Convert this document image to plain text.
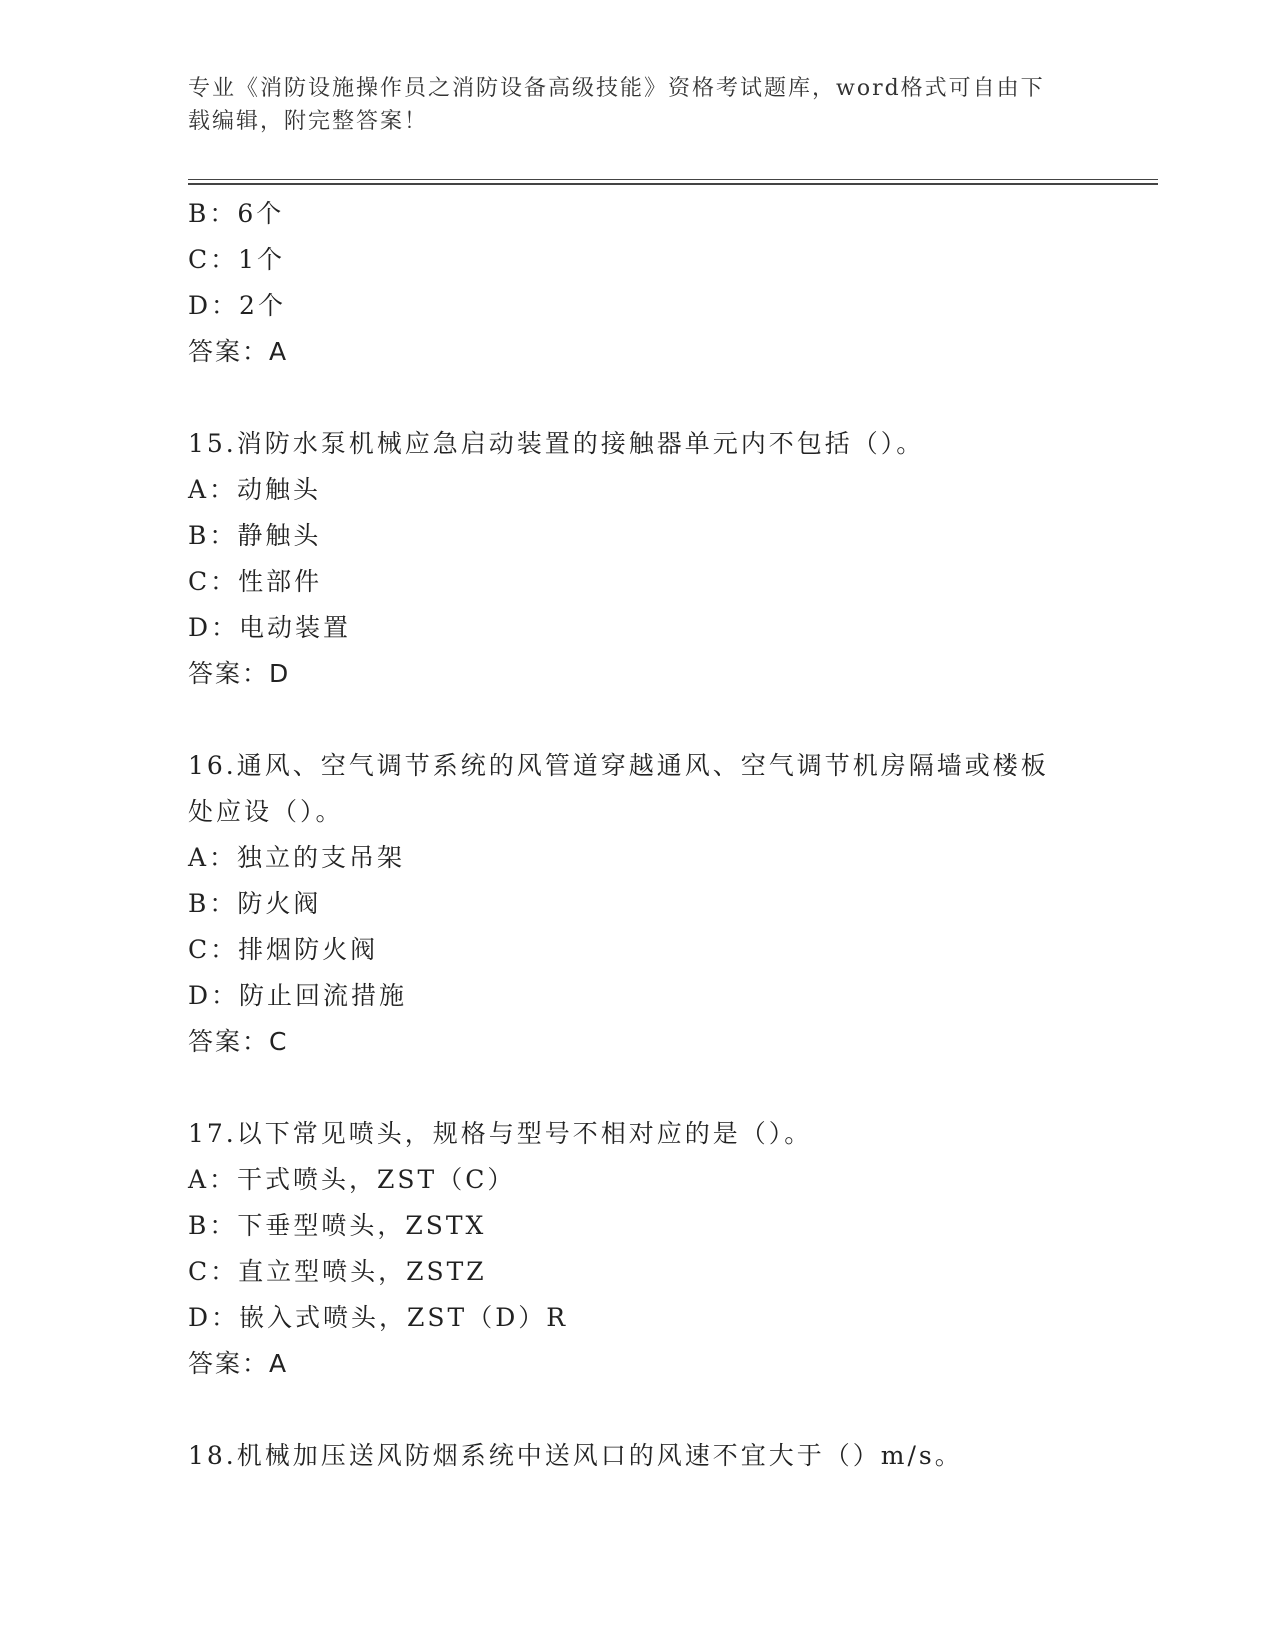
专业《消防设施操作员之消防设备高级技能》资格考试题库，word格式可自由下
载编辑，附完整答案！
B：6个
C：1个
D：2个
答案：A
15.消防水泵机械应急启动装置的接触器单元内不包括（）。
A：动触头
B：静触头
C：性部件
D：电动装置
答案：D
16.通风、空气调节系统的风管道穿越通风、空气调节机房隔墙或楼板
处应设（）。
A：独立的支吊架
B：防火阀
C：排烟防火阀
D：防止回流措施
答案：C
17.以下常见喷头，规格与型号不相对应的是（）。
A：干式喷头，ZST（C）
B：下垂型喷头，ZSTX
C：直立型喷头，ZSTZ
D：嵌入式喷头，ZST（D）R
答案：A
18.机械加压送风防烟系统中送风口的风速不宜大于（）m/s。
